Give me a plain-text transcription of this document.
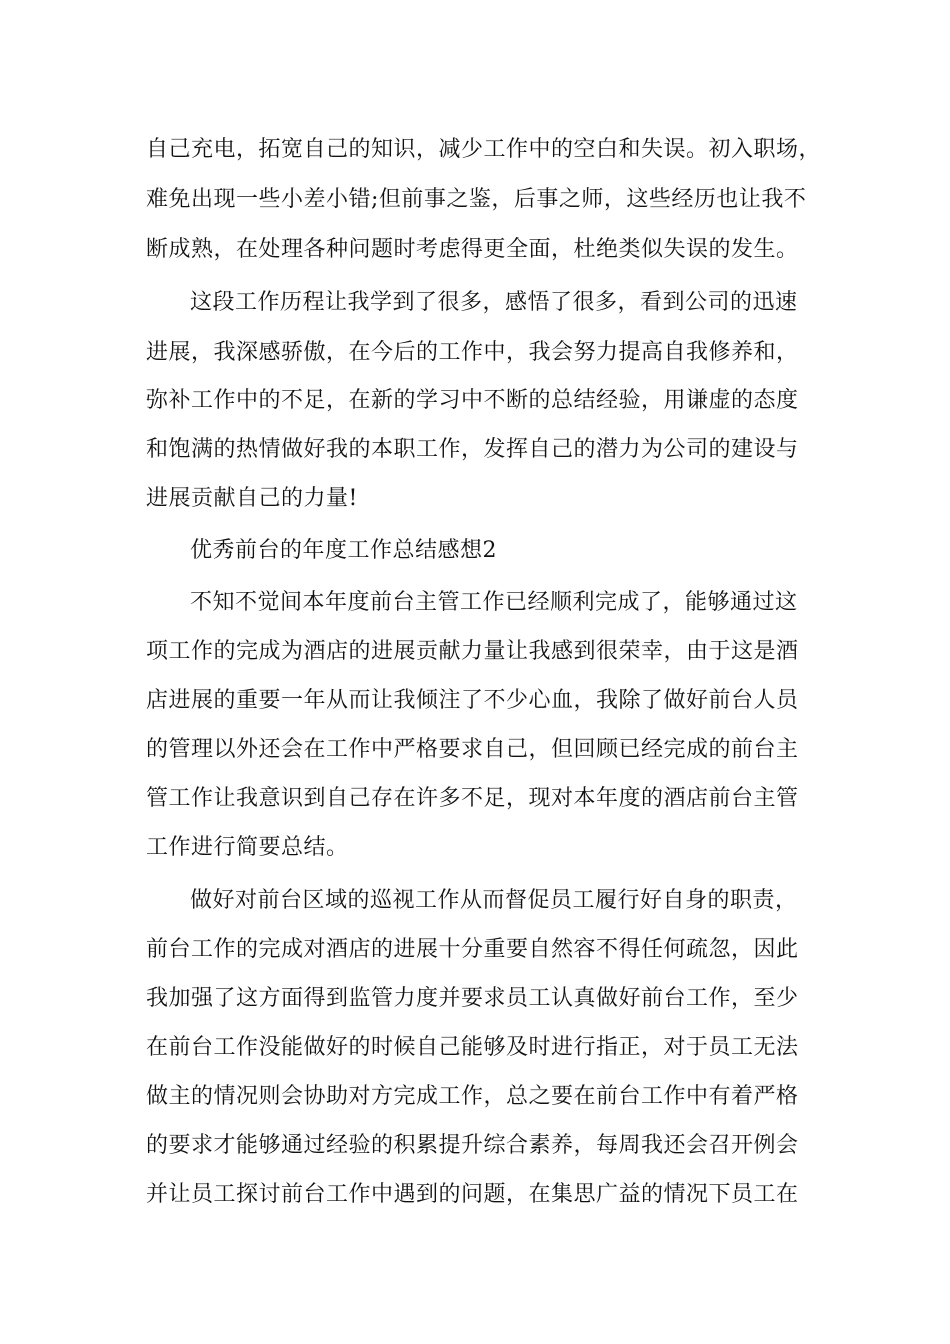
自己充电，拓宽自己的知识，减少工作中的空白和失误。初入职场，
难免出现一些小差小错;但前事之鉴，后事之师，这些经历也让我不
断成熟，在处理各种问题时考虑得更全面，杜绝类似失误的发生。
这段工作历程让我学到了很多，感悟了很多，看到公司的迅速
进展，我深感骄傲，在今后的工作中，我会努力提高自我修养和，
弥补工作中的不足，在新的学习中不断的总结经验，用谦虚的态度
和饱满的热情做好我的本职工作，发挥自己的潜力为公司的建设与
进展贡献自己的力量!
优秀前台的年度工作总结感想2
不知不觉间本年度前台主管工作已经顺利完成了，能够通过这
项工作的完成为酒店的进展贡献力量让我感到很荣幸，由于这是酒
店进展的重要一年从而让我倾注了不少心血，我除了做好前台人员
的管理以外还会在工作中严格要求自己，但回顾已经完成的前台主
管工作让我意识到自己存在许多不足，现对本年度的酒店前台主管
工作进行简要总结。
做好对前台区域的巡视工作从而督促员工履行好自身的职责，
前台工作的完成对酒店的进展十分重要自然容不得任何疏忽，因此
我加强了这方面得到监管力度并要求员工认真做好前台工作，至少
在前台工作没能做好的时候自己能够及时进行指正，对于员工无法
做主的情况则会协助对方完成工作，总之要在前台工作中有着严格
的要求才能够通过经验的积累提升综合素养，每周我还会召开例会
并让员工探讨前台工作中遇到的问题，在集思广益的情况下员工在
